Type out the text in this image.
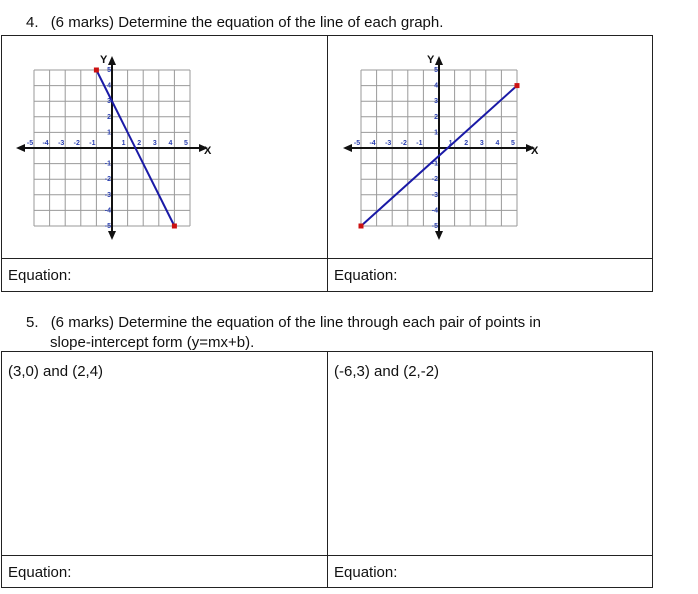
4. (6 marks) Determine the equation of the line of each graph.
X
Y
-5 -4 -3 -2 -1	1 2 3 4 5
-5
-4
-3
-2
-1
1
2
3
4
5
X
Y
-5 -4 -3 -2 -1	1 2 3 4 5
-5
-4
-3
-2
-1
1
2
3
4
5
Equation:	Equation:
5. (6 marks) Determine the equation of the line through each pair of points in
slope-intercept form (y=mx+b).
(3,0) and (2,4)	(-6,3) and (2,-2)
Equation:	Equation:
